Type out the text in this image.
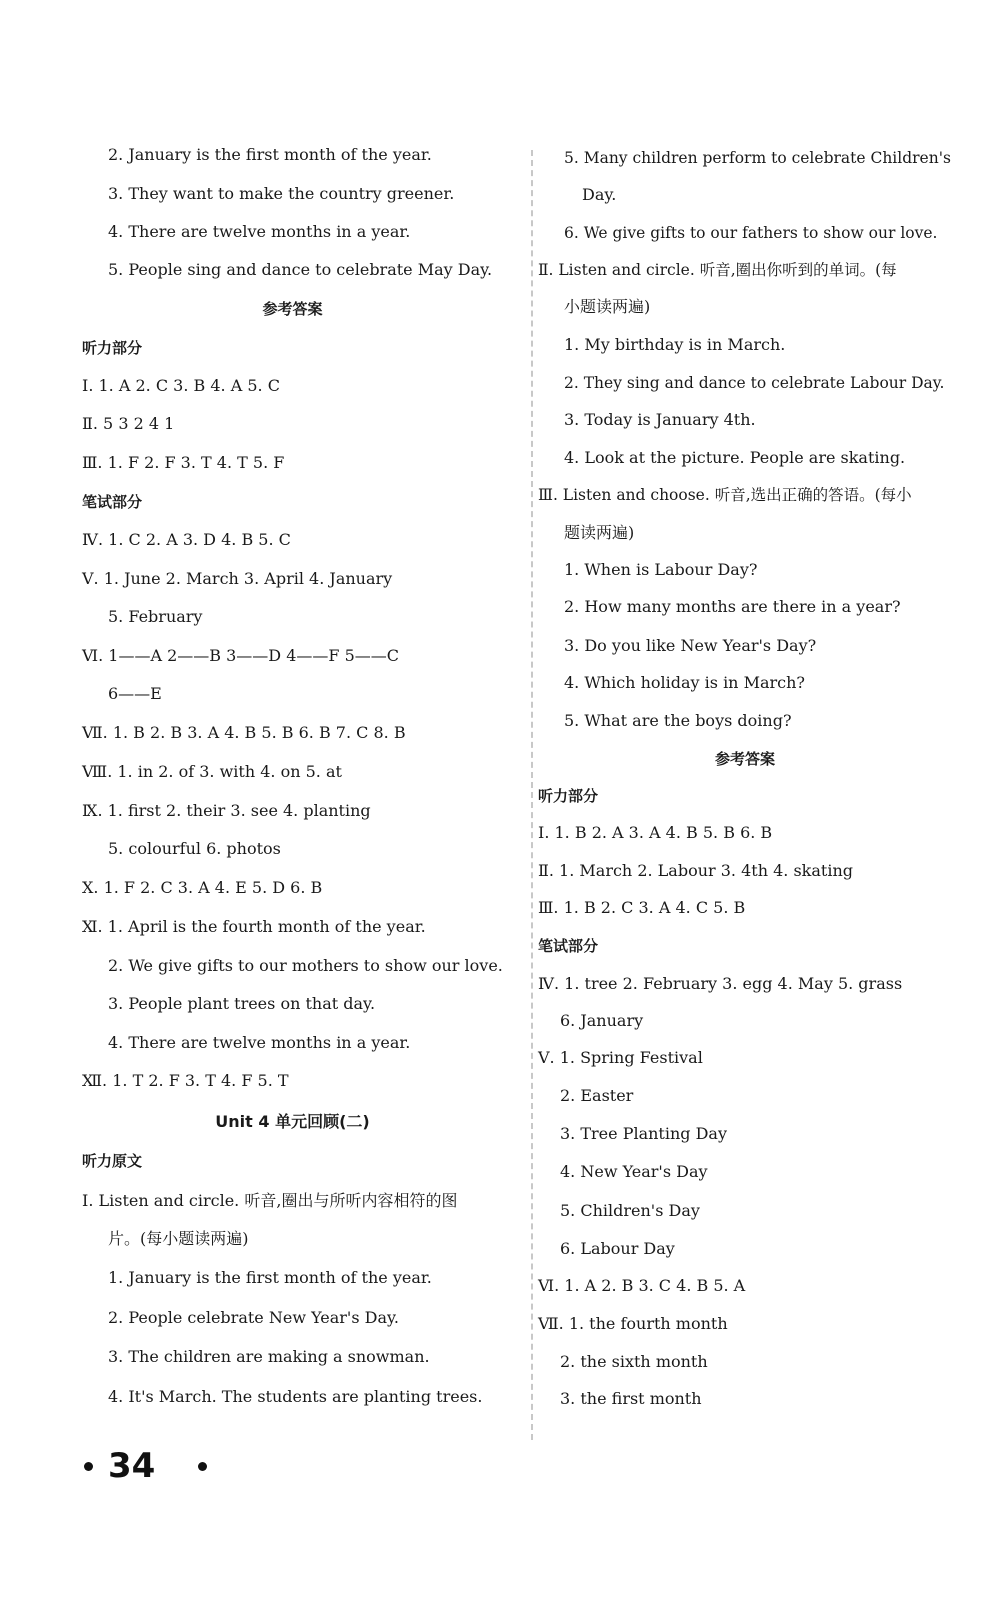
2. January is the first month of the year.
3. They want to make the country greener.
4. There are twelve months in a year.
5. People sing and dance to celebrate May Day.
参考答案
听力部分
Ⅰ. 1. A 2. C 3. B 4. A 5. C
Ⅱ. 5 3 2 4 1
Ⅲ. 1. F 2. F 3. T 4. T 5. F
笔试部分
Ⅳ. 1. C 2. A 3. D 4. B 5. C
Ⅴ. 1. June 2. March 3. April 4. January
5. February
Ⅵ. 1——A 2——B 3——D 4——F 5——C
6——E
Ⅶ. 1. B 2. B 3. A 4. B 5. B 6. B 7. C 8. B
Ⅷ. 1. in 2. of 3. with 4. on 5. at
Ⅸ. 1. first 2. their 3. see 4. planting
5. colourful 6. photos
Ⅹ. 1. F 2. C 3. A 4. E 5. D 6. B
Ⅺ. 1. April is the fourth month of the year.
2. We give gifts to our mothers to show our love.
3. People plant trees on that day.
4. There are twelve months in a year.
Ⅻ. 1. T 2. F 3. T 4. F 5. T
Unit 4 单元回顾(二)
听力原文
Ⅰ. Listen and circle. 听音,圈出与所听内容相符的图
片。(每小题读两遍)
1. January is the first month of the year.
2. People celebrate New Year's Day.
3. The children are making a snowman.
4. It's March. The students are planting trees.
5. Many children perform to celebrate Children's
Day.
6. We give gifts to our fathers to show our love.
Ⅱ. Listen and circle. 听音,圈出你听到的单词。(每
小题读两遍)
1. My birthday is in March.
2. They sing and dance to celebrate Labour Day.
3. Today is January 4th.
4. Look at the picture. People are skating.
Ⅲ. Listen and choose. 听音,选出正确的答语。(每小
题读两遍)
1. When is Labour Day?
2. How many months are there in a year?
3. Do you like New Year's Day?
4. Which holiday is in March?
5. What are the boys doing?
参考答案
听力部分
Ⅰ. 1. B 2. A 3. A 4. B 5. B 6. B
Ⅱ. 1. March 2. Labour 3. 4th 4. skating
Ⅲ. 1. B 2. C 3. A 4. C 5. B
笔试部分
Ⅳ. 1. tree 2. February 3. egg 4. May 5. grass
6. January
Ⅴ. 1. Spring Festival
2. Easter
3. Tree Planting Day
4. New Year's Day
5. Children's Day
6. Labour Day
Ⅵ. 1. A 2. B 3. C 4. B 5. A
Ⅶ. 1. the fourth month
2. the sixth month
3. the first month
34
